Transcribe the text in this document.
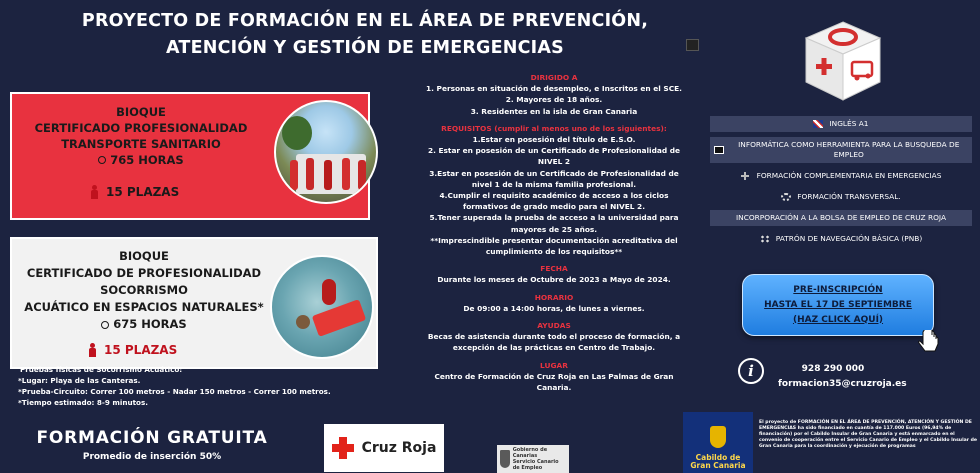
PROYECTO DE FORMACIÓN EN EL ÁREA DE PREVENCIÓN,
ATENCIÓN Y GESTIÓN DE EMERGENCIAS
BIOQUE
CERTIFICADO PROFESIONALIDAD
TRANSPORTE SANITARIO
765 HORAS
15 PLAZAS
BIOQUE
CERTIFICADO DE PROFESIONALIDAD
SOCORRISMO
ACUÁTICO EN ESPACIOS NATURALES*
675 HORAS
15 PLAZAS
Pruebas físicas de Socorrismo Acuático:
*Lugar: Playa de las Canteras.
*Prueba-Circuito: Correr 100 metros - Nadar 150 metros - Correr 100 metros.
*Tiempo estimado: 8-9 minutos.
FORMACIÓN GRATUITA
Promedio de inserción 50%
Cruz Roja
DIRIGIDO A
1. Personas en situación de desempleo, e Inscritos en el SCE.
2. Mayores de 18 años.
3. Residentes en la isla de Gran Canaria
REQUISITOS (cumplir al menos uno de los siguientes):
1.Estar en posesión del título de E.S.O.
2. Estar en posesión de un Certificado de Profesionalidad de NIVEL 2
3.Estar en posesión de un Certificado de Profesionalidad de nivel 1 de la misma familia profesional.
4.Cumplir el requisito académico de acceso a los ciclos formativos de grado medio para el NIVEL 2.
5.Tener superada la prueba de acceso a la universidad para mayores de 25 años.
**Imprescindible presentar documentación acreditativa del cumplimiento de los requisitos**
FECHA
Durante los meses de Octubre de 2023 a Mayo de 2024.
HORARIO
De 09:00 a 14:00 horas, de lunes a viernes.
AYUDAS
Becas de asistencia durante todo el proceso de formación, a excepción de las prácticas en Centro de Trabajo.
LUGAR
Centro de Formación de Cruz Roja en Las Palmas de Gran Canaria.
Gobierno de Canarias
Servicio Canario de Empleo
Cabildo de
Gran Canaria
El proyecto de FORMACIÓN EN EL ÁREA DE PREVENCIÓN, ATENCIÓN Y GESTIÓN DE EMERGENCIAS ha sido financiado en cuantía de 117.000 Euros (96,94% de financiación) por el Cabildo Insular de Gran Canaria y está enmarcado en el convenio de cooperación entre el Servicio Canario de Empleo y el Cabildo Insular de Gran Canaria para la coordinación y ejecución de programas
INGLÉS A1
INFORMÁTICA COMO HERRAMIENTA PARA LA BUSQUEDA DE EMPLEO
FORMACIÓN COMPLEMENTARIA EN EMERGENCIAS
FORMACIÓN TRANSVERSAL.
INCORPORACIÓN A LA BOLSA DE EMPLEO DE CRUZ ROJA
PATRÓN DE NAVEGACIÓN BÁSICA (PNB)
PRE-INSCRIPCIÓN
HASTA EL 17 DE SEPTIEMBRE
(HAZ CLICK AQUÍ)
i	928 290 000
formacion35@cruzroja.es
